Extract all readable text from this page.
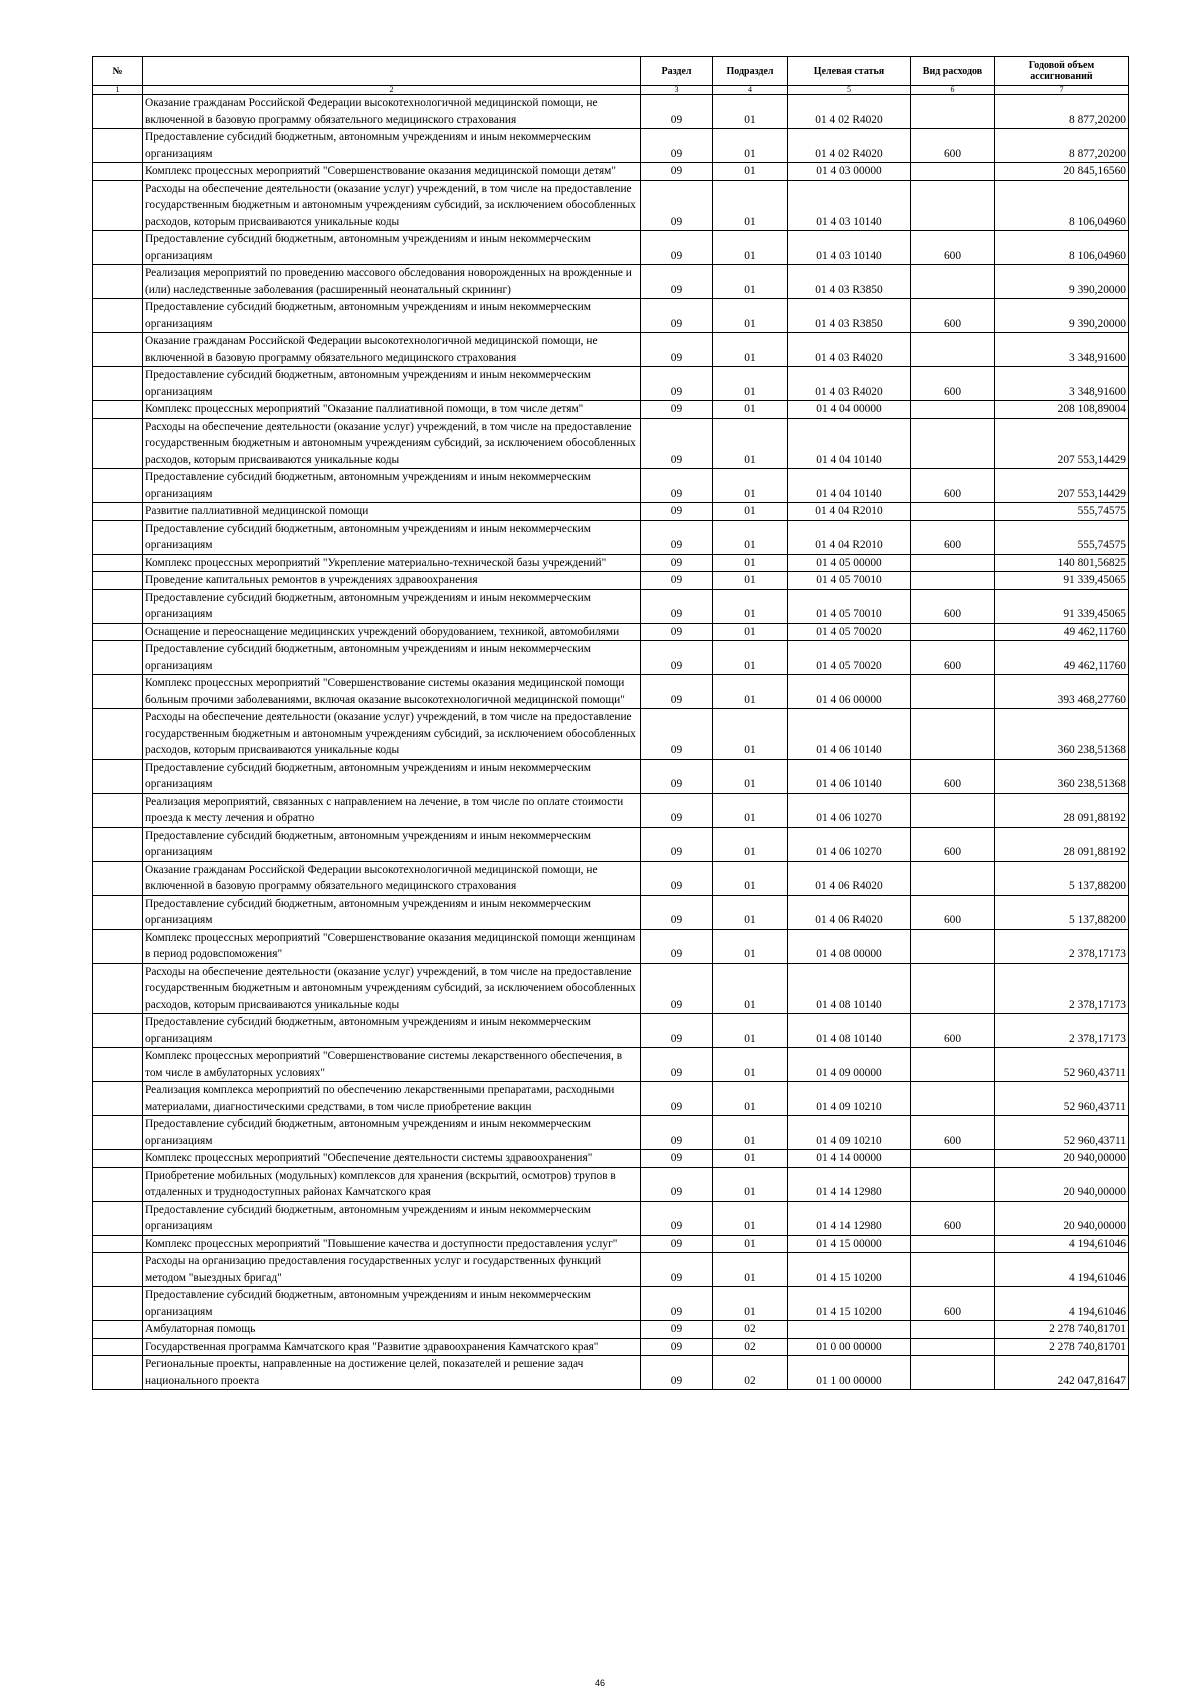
№		Раздел	Подраздел	Целевая статья	Вид расходов	Годовой объем ассигнований
1	2	3	4	5	6	7
	Оказание гражданам Российской Федерации высокотехнологичной медицинской помощи, не включенной в базовую программу обязательного медицинского страхования	09	01	01 4 02 R4020		8 877,20200
	Предоставление субсидий бюджетным, автономным учреждениям и иным некоммерческим организациям	09	01	01 4 02 R4020	600	8 877,20200
	Комплекс процессных мероприятий "Совершенствование оказания медицинской помощи детям"	09	01	01 4 03 00000		20 845,16560
	Расходы на обеспечение деятельности (оказание услуг) учреждений, в том числе на предоставление государственным бюджетным и автономным учреждениям субсидий, за исключением обособленных расходов, которым присваиваются уникальные коды	09	01	01 4 03 10140		8 106,04960
	Предоставление субсидий бюджетным, автономным учреждениям и иным некоммерческим организациям	09	01	01 4 03 10140	600	8 106,04960
	Реализация мероприятий по проведению массового обследования новорожденных на врожденные и (или) наследственные заболевания (расширенный неонатальный скрининг)	09	01	01 4 03 R3850		9 390,20000
	Предоставление субсидий бюджетным, автономным учреждениям и иным некоммерческим организациям	09	01	01 4 03 R3850	600	9 390,20000
	Оказание гражданам Российской Федерации высокотехнологичной медицинской помощи, не включенной в базовую программу обязательного медицинского страхования	09	01	01 4 03 R4020		3 348,91600
	Предоставление субсидий бюджетным, автономным учреждениям и иным некоммерческим организациям	09	01	01 4 03 R4020	600	3 348,91600
	Комплекс процессных мероприятий "Оказание паллиативной помощи, в том числе детям"	09	01	01 4 04 00000		208 108,89004
	Расходы на обеспечение деятельности (оказание услуг) учреждений, в том числе на предоставление государственным бюджетным и автономным учреждениям субсидий, за исключением обособленных расходов, которым присваиваются уникальные коды	09	01	01 4 04 10140		207 553,14429
	Предоставление субсидий бюджетным, автономным учреждениям и иным некоммерческим организациям	09	01	01 4 04 10140	600	207 553,14429
	Развитие паллиативной медицинской помощи	09	01	01 4 04 R2010		555,74575
	Предоставление субсидий бюджетным, автономным учреждениям и иным некоммерческим организациям	09	01	01 4 04 R2010	600	555,74575
	Комплекс процессных мероприятий "Укрепление материально-технической базы учреждений"	09	01	01 4 05 00000		140 801,56825
	Проведение капитальных ремонтов в учреждениях здравоохранения	09	01	01 4 05 70010		91 339,45065
	Предоставление субсидий бюджетным, автономным учреждениям и иным некоммерческим организациям	09	01	01 4 05 70010	600	91 339,45065
	Оснащение и переоснащение медицинских учреждений оборудованием, техникой, автомобилями	09	01	01 4 05 70020		49 462,11760
	Предоставление субсидий бюджетным, автономным учреждениям и иным некоммерческим организациям	09	01	01 4 05 70020	600	49 462,11760
	Комплекс процессных мероприятий "Совершенствование системы оказания медицинской помощи больным прочими заболеваниями, включая оказание высокотехнологичной медицинской помощи"	09	01	01 4 06 00000		393 468,27760
	Расходы на обеспечение деятельности (оказание услуг) учреждений, в том числе на предоставление государственным бюджетным и автономным учреждениям субсидий, за исключением обособленных расходов, которым присваиваются уникальные коды	09	01	01 4 06 10140		360 238,51368
	Предоставление субсидий бюджетным, автономным учреждениям и иным некоммерческим организациям	09	01	01 4 06 10140	600	360 238,51368
	Реализация мероприятий, связанных с направлением на лечение, в том числе по оплате стоимости проезда к месту лечения и обратно	09	01	01 4 06 10270		28 091,88192
	Предоставление субсидий бюджетным, автономным учреждениям и иным некоммерческим организациям	09	01	01 4 06 10270	600	28 091,88192
	Оказание гражданам Российской Федерации высокотехнологичной медицинской помощи, не включенной в базовую программу обязательного медицинского страхования	09	01	01 4 06 R4020		5 137,88200
	Предоставление субсидий бюджетным, автономным учреждениям и иным некоммерческим организациям	09	01	01 4 06 R4020	600	5 137,88200
	Комплекс процессных мероприятий "Совершенствование оказания медицинской помощи женщинам в период родовспоможения"	09	01	01 4 08 00000		2 378,17173
	Расходы на обеспечение деятельности (оказание услуг) учреждений, в том числе на предоставление государственным бюджетным и автономным учреждениям субсидий, за исключением обособленных расходов, которым присваиваются уникальные коды	09	01	01 4 08 10140		2 378,17173
	Предоставление субсидий бюджетным, автономным учреждениям и иным некоммерческим организациям	09	01	01 4 08 10140	600	2 378,17173
	Комплекс процессных мероприятий "Совершенствование системы лекарственного обеспечения, в том числе в амбулаторных условиях"	09	01	01 4 09 00000		52 960,43711
	Реализация комплекса мероприятий по обеспечению лекарственными препаратами, расходными материалами, диагностическими средствами, в том числе приобретение вакцин	09	01	01 4 09 10210		52 960,43711
	Предоставление субсидий бюджетным, автономным учреждениям и иным некоммерческим организациям	09	01	01 4 09 10210	600	52 960,43711
	Комплекс процессных мероприятий "Обеспечение деятельности системы здравоохранения"	09	01	01 4 14 00000		20 940,00000
	Приобретение мобильных (модульных) комплексов для хранения (вскрытий, осмотров) трупов в отдаленных и труднодоступных районах Камчатского края	09	01	01 4 14 12980		20 940,00000
	Предоставление субсидий бюджетным, автономным учреждениям и иным некоммерческим организациям	09	01	01 4 14 12980	600	20 940,00000
	Комплекс процессных мероприятий "Повышение качества и доступности предоставления услуг"	09	01	01 4 15 00000		4 194,61046
	Расходы на организацию предоставления государственных услуг и государственных функций методом "выездных бригад"	09	01	01 4 15 10200		4 194,61046
	Предоставление субсидий бюджетным, автономным учреждениям и иным некоммерческим организациям	09	01	01 4 15 10200	600	4 194,61046
	Амбулаторная помощь	09	02			2 278 740,81701
	Государственная программа Камчатского края "Развитие здравоохранения Камчатского края"	09	02	01 0 00 00000		2 278 740,81701
	Региональные проекты, направленные на достижение целей, показателей и решение задач национального проекта	09	02	01 1 00 00000		242 047,81647
46
